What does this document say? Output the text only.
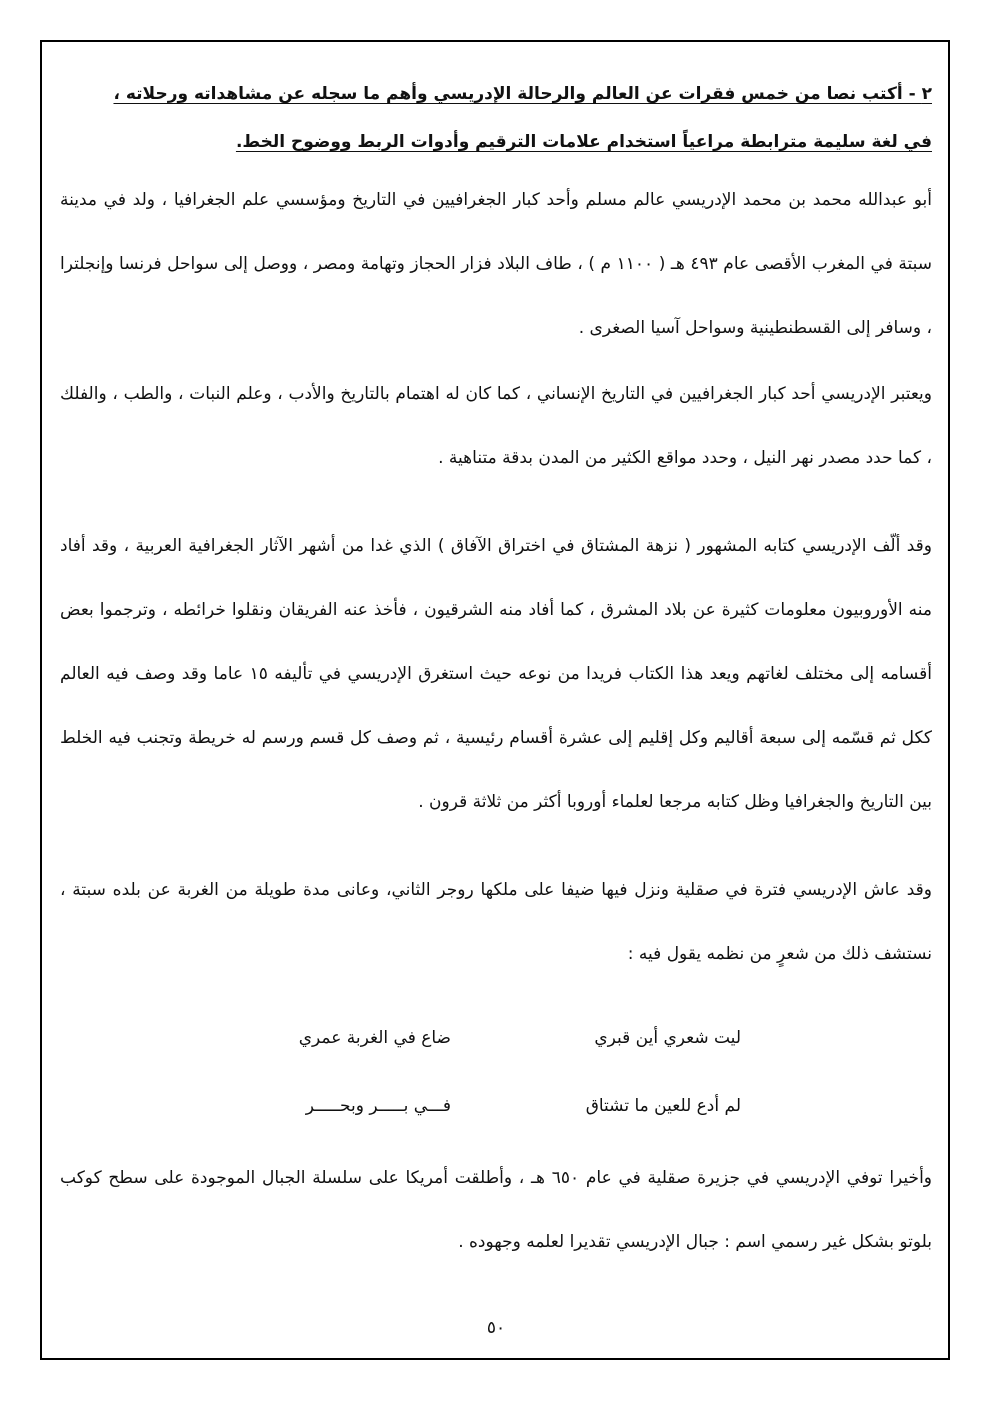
٢ - أكتب نصا من خمس فقرات عن العالم والرحالة الإدريسي وأهم ما سجله عن مشاهداته ورحلاته ،

في لغة سليمة مترابطة مراعياً استخدام علامات الترقيم وأدوات الربط ووضوح الخط.

أبو عبدالله محمد بن محمد الإدريسي عالم مسلم وأحد كبار الجغرافيين في التاريخ ومؤسسي علم الجغرافيا ، ولد في مدينة سبتة في المغرب الأقصى عام ٤٩٣ هـ ( ١١٠٠ م ) ، طاف البلاد فزار الحجاز وتهامة ومصر ، ووصل إلى سواحل فرنسا وإنجلترا ، وسافر إلى القسطنطينية وسواحل آسيا الصغرى .

ويعتبر الإدريسي أحد كبار الجغرافيين في التاريخ الإنساني ، كما كان له اهتمام بالتاريخ والأدب ، وعلم النبات ، والطب ، والفلك ، كما حدد مصدر نهر النيل ، وحدد مواقع الكثير من المدن بدقة متناهية .

وقد ألّف الإدريسي كتابه المشهور ( نزهة المشتاق في اختراق الآفاق ) الذي غدا من أشهر الآثار الجغرافية العربية ، وقد أفاد منه الأوروبيون معلومات كثيرة عن بلاد المشرق ، كما أفاد منه الشرقيون ، فأخذ عنه الفريقان ونقلوا خرائطه ، وترجموا بعض أقسامه إلى مختلف لغاتهم ويعد هذا الكتاب فريدا من نوعه حيث استغرق الإدريسي في تأليفه ١٥ عاما وقد وصف فيه العالم ككل ثم قسّمه إلى سبعة أقاليم وكل إقليم إلى عشرة أقسام رئيسية ، ثم وصف كل قسم ورسم له خريطة وتجنب فيه الخلط بين التاريخ والجغرافيا وظل كتابه مرجعا لعلماء أوروبا أكثر من ثلاثة قرون .

وقد عاش الإدريسي فترة في صقلية ونزل فيها ضيفا على ملكها روجر الثاني، وعانى مدة طويلة من الغربة عن بلده سبتة ، نستشف ذلك من شعرٍ من نظمه يقول فيه :

ليت شعري أين قبري
ضاع في الغربة عمري
لم أدع للعين ما تشتاق
فـــي بـــــر وبحـــــر

وأخيرا توفي الإدريسي في جزيرة صقلية في عام ٦٥٠ هـ ، وأطلقت أمريكا على سلسلة الجبال الموجودة على سطح كوكب بلوتو بشكل غير رسمي اسم : جبال الإدريسي تقديرا لعلمه وجهوده .

٥٠
